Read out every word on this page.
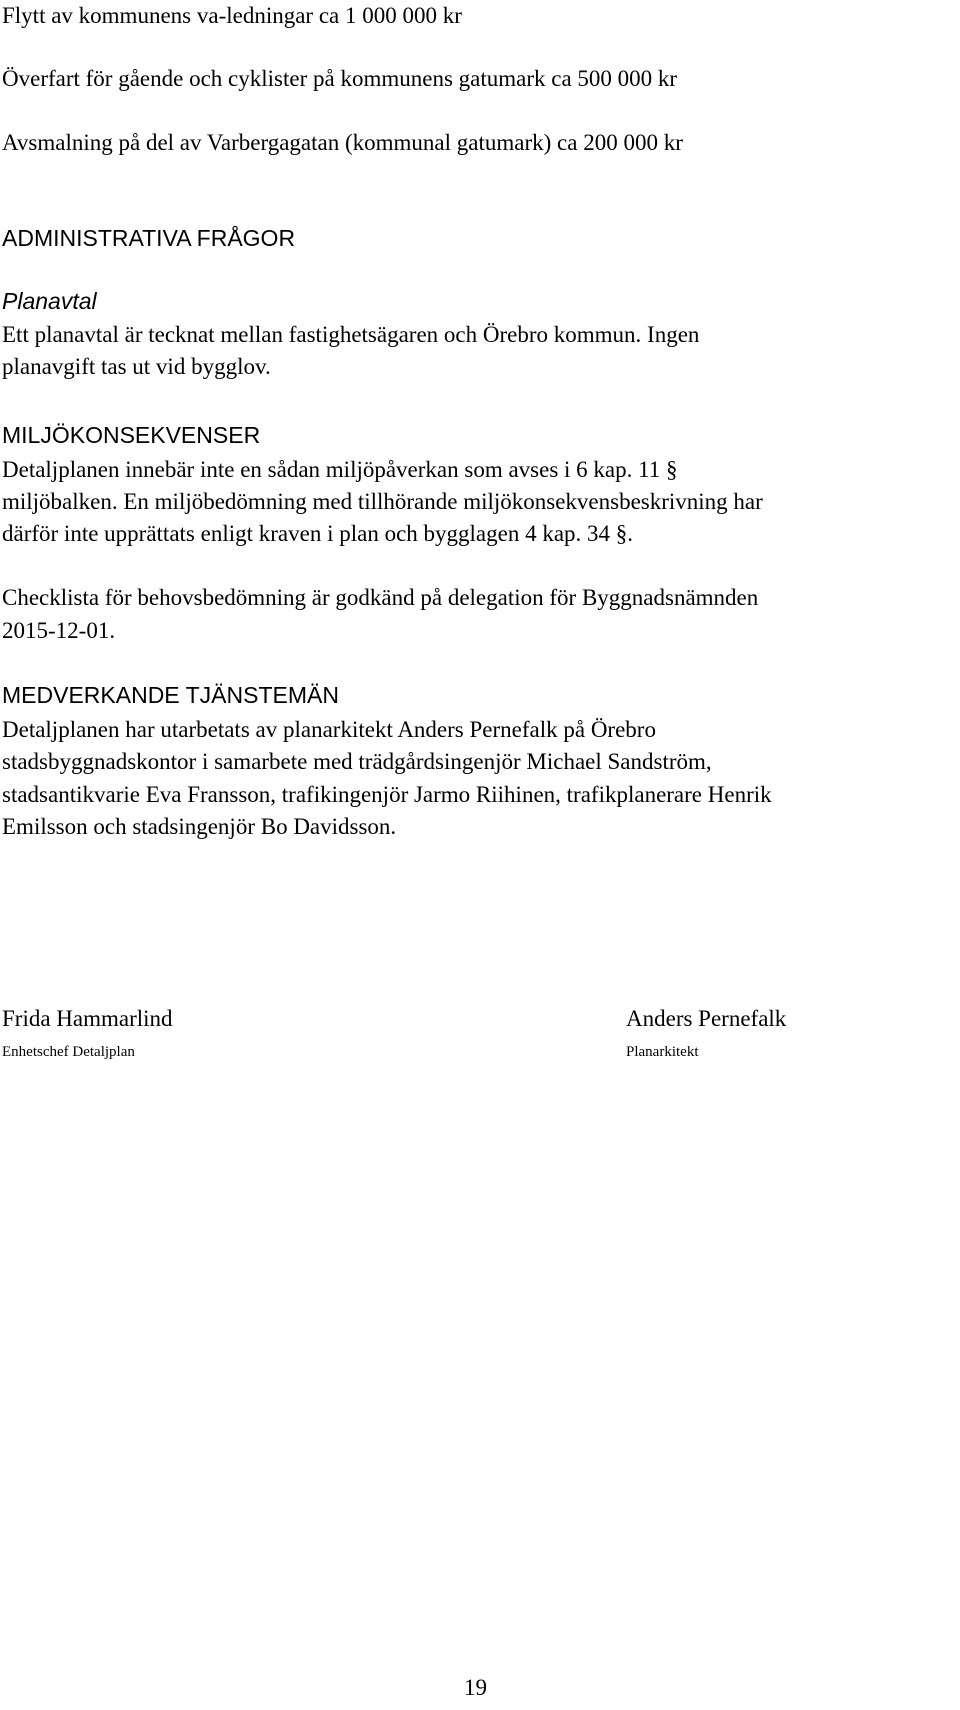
Flytt av kommunens va-ledningar ca 1 000 000 kr
Överfart för gående och cyklister på kommunens gatumark ca 500 000 kr
Avsmalning på del av Varbergagatan (kommunal gatumark) ca 200 000 kr
ADMINISTRATIVA FRÅGOR
Planavtal
Ett planavtal är tecknat mellan fastighetsägaren och Örebro kommun. Ingen
planavgift tas ut vid bygglov.
MILJÖKONSEKVENSER
Detaljplanen innebär inte en sådan miljöpåverkan som avses i 6 kap. 11 §
miljöbalken. En miljöbedömning med tillhörande miljökonsekvensbeskrivning har
därför inte upprättats enligt kraven i plan och bygglagen 4 kap. 34 §.
Checklista för behovsbedömning är godkänd på delegation för Byggnadsnämnden
2015-12-01.
MEDVERKANDE TJÄNSTEMÄN
Detaljplanen har utarbetats av planarkitekt Anders Pernefalk på Örebro
stadsbyggnadskontor i samarbete med trädgårdsingenjör Michael Sandström,
stadsantikvarie Eva Fransson, trafikingenjör Jarmo Riihinen, trafikplanerare Henrik
Emilsson och stadsingenjör Bo Davidsson.
Frida Hammarlind
Enhetschef Detaljplan
Anders Pernefalk
Planarkitekt
19
